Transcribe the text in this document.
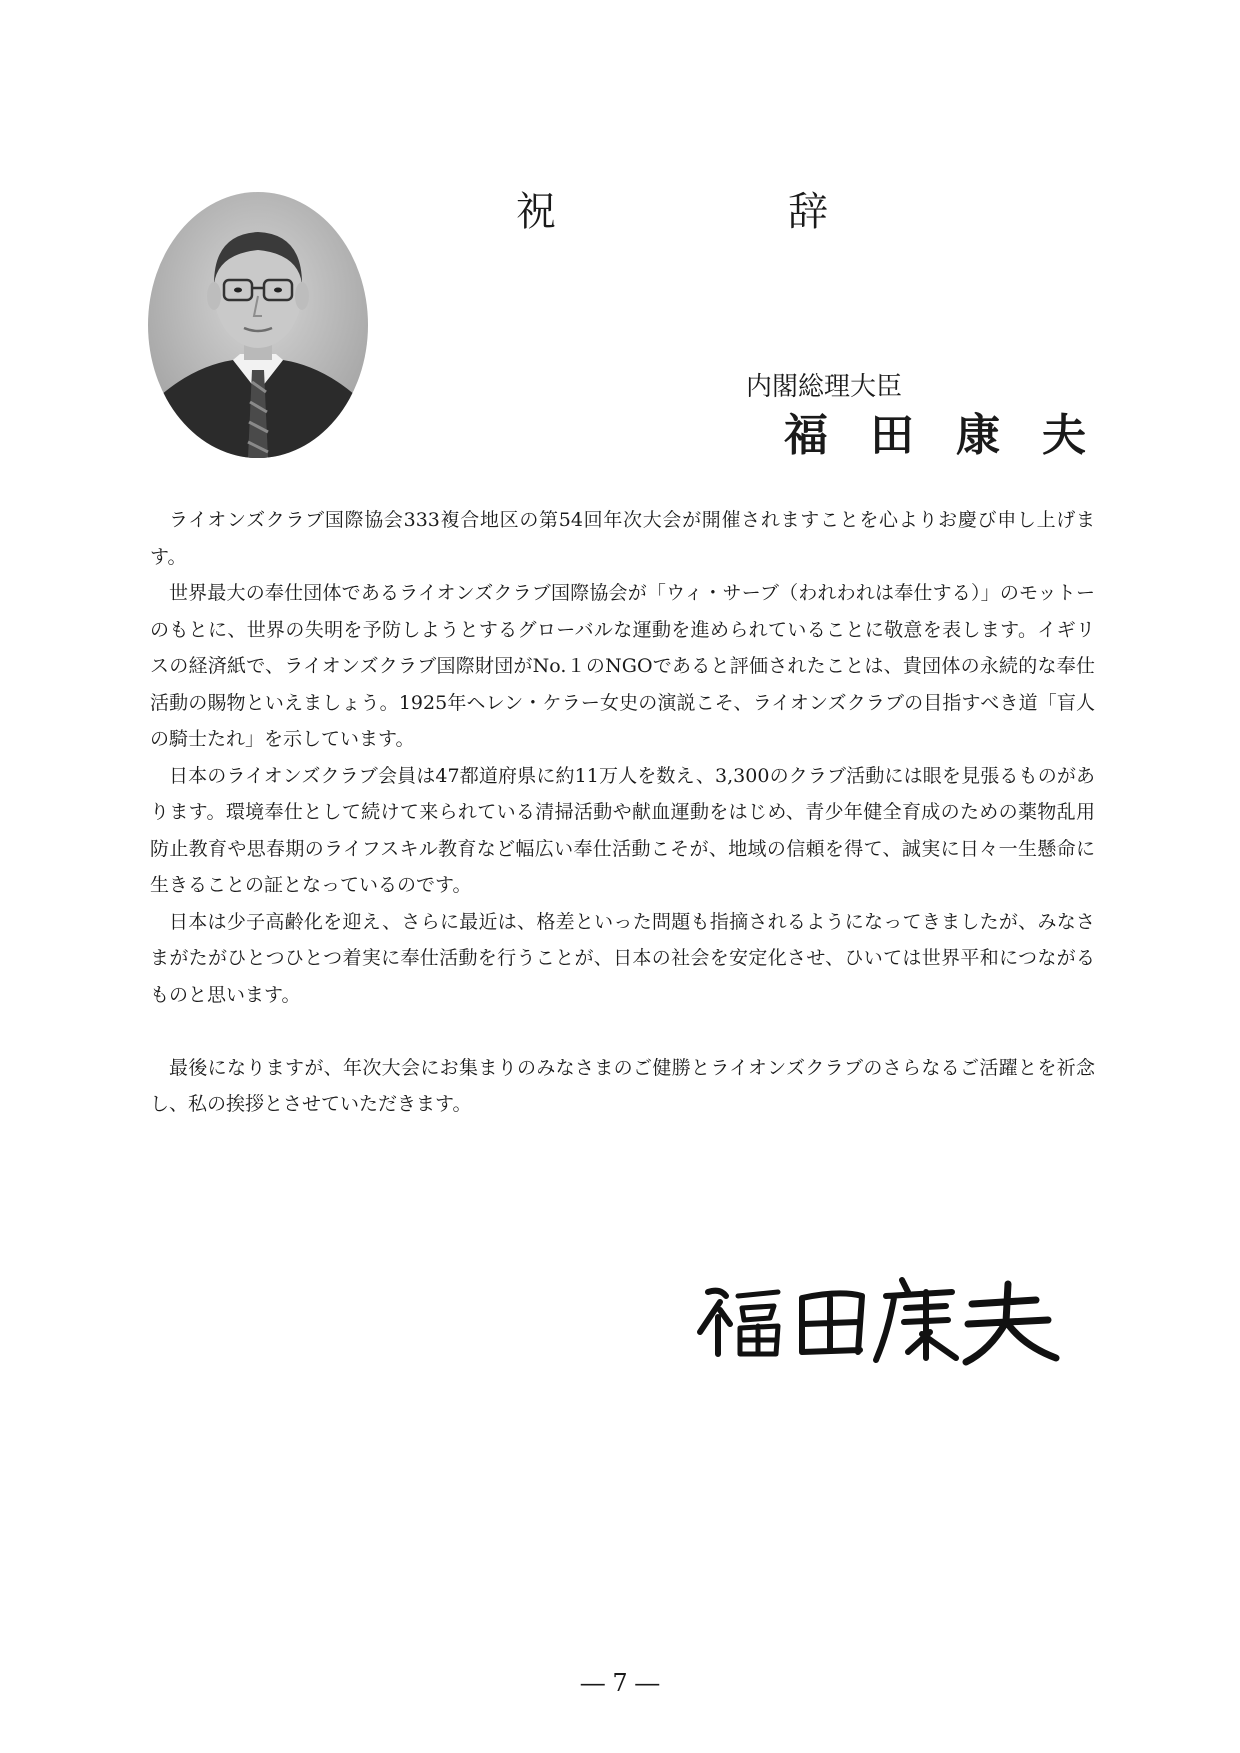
祝　辞
内閣総理大臣
福田康夫

ライオンズクラブ国際協会333複合地区の第54回年次大会が開催されますことを心よりお慶び申し上げます。

世界最大の奉仕団体であるライオンズクラブ国際協会が「ウィ・サーブ（われわれは奉仕する）」のモットーのもとに、世界の失明を予防しようとするグローバルな運動を進められていることに敬意を表します。イギリスの経済紙で、ライオンズクラブ国際財団がNo.１のNGOであると評価されたことは、貴団体の永続的な奉仕活動の賜物といえましょう。1925年ヘレン・ケラー女史の演説こそ、ライオンズクラブの目指すべき道「盲人の騎士たれ」を示しています。

日本のライオンズクラブ会員は47都道府県に約11万人を数え、3,300のクラブ活動には眼を見張るものがあります。環境奉仕として続けて来られている清掃活動や献血運動をはじめ、青少年健全育成のための薬物乱用防止教育や思春期のライフスキル教育など幅広い奉仕活動こそが、地域の信頼を得て、誠実に日々一生懸命に生きることの証となっているのです。

日本は少子高齢化を迎え、さらに最近は、格差といった問題も指摘されるようになってきましたが、みなさまがたがひとつひとつ着実に奉仕活動を行うことが、日本の社会を安定化させ、ひいては世界平和につながるものと思います。

最後になりますが、年次大会にお集まりのみなさまのご健勝とライオンズクラブのさらなるご活躍とを祈念し、私の挨拶とさせていただきます。

― 7 ―
